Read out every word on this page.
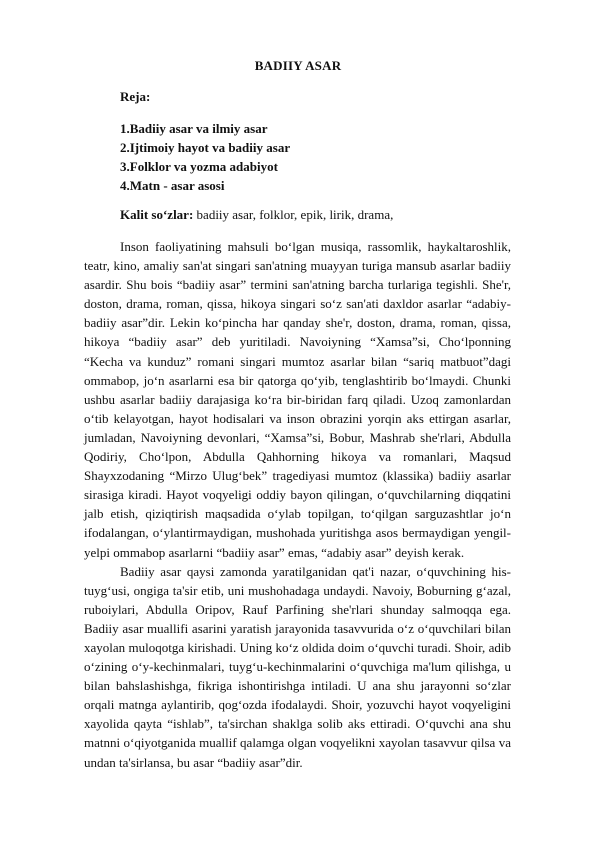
BADIIY ASAR
Reja:
1.Badiiy asar va ilmiy asar
2.Ijtimoiy hayot va badiiy asar
3.Folklor va yozma adabiyot
4.Matn - asar asosi
Kalit so‘zlar: badiiy asar, folklor, epik, lirik, drama,

Inson faoliyatining mahsuli bo‘lgan musiqa, rassomlik, haykaltaroshlik, teatr, kino, amaliy san'at singari san'atning muayyan turiga mansub asarlar badiiy asardir. Shu bois “badiiy asar” termini san'atning barcha turlariga tegishli. She'r, doston, drama, roman, qissa, hikoya singari so‘z san'ati daxldor asarlar “adabiy-badiiy asar”dir. Lekin ko‘pincha har qanday she'r, doston, drama, roman, qissa, hikoya “badiiy asar” deb yuritiladi. Navoiyning “Xamsa”si, Cho‘lponning “Kecha va kunduz” romani singari mumtoz asarlar bilan “sariq matbuot”dagi ommabop, jo‘n asarlarni esa bir qatorga qo‘yib, tenglashtirib bo‘lmaydi. Chunki ushbu asarlar badiiy darajasiga ko‘ra bir-biridan farq qiladi. Uzoq zamonlardan o‘tib kelayotgan, hayot hodisalari va inson obrazini yorqin aks ettirgan asarlar, jumladan, Navoiyning devonlari, “Xamsa”si, Bobur, Mashrab she'rlari, Abdulla Qodiriy, Cho‘lpon, Abdulla Qahhorning hikoya va romanlari, Maqsud Shayxzodaning “Mirzo Ulug‘bek” tragediyasi mumtoz (klassika) badiiy asarlar sirasiga kiradi. Hayot voqyeligi oddiy bayon qilingan, o‘quvchilarning diqqatini jalb etish, qiziqtirish maqsadida o‘ylab topilgan, to‘qilgan sarguzashtlar jo‘n ifodalangan, o‘ylantirmaydigan, mushohada yuritishga asos bermaydigan yengil-yelpi ommabop asarlarni “badiiy asar” emas, “adabiy asar” deyish kerak.

Badiiy asar qaysi zamonda yaratilganidan qat'i nazar, o‘quvchining his-tuyg‘usi, ongiga ta'sir etib, uni mushohadaga undaydi. Navoiy, Boburning g‘azal, ruboiylari, Abdulla Oripov, Rauf Parfining she'rlari shunday salmoqqa ega. Badiiy asar muallifi asarini yaratish jarayonida tasavvurida o‘z o‘quvchilari bilan xayolan muloqotga kirishadi. Uning ko‘z oldida doim o‘quvchi turadi. Shoir, adib o‘zining o‘y-kechinmalari, tuyg‘u-kechinmalarini o‘quvchiga ma'lum qilishga, u bilan bahslashishga, fikriga ishontirishga intiladi. U ana shu jarayonni so‘zlar orqali matnga aylantirib, qog‘ozda ifodalaydi. Shoir, yozuvchi hayot voqyeligini xayolida qayta “ishlab”, ta'sirchan shaklga solib aks ettiradi. O‘quvchi ana shu matnni o‘qiyotganida muallif qalamga olgan voqyelikni xayolan tasavvur qilsa va undan ta'sirlansa, bu asar “badiiy asar”dir.
